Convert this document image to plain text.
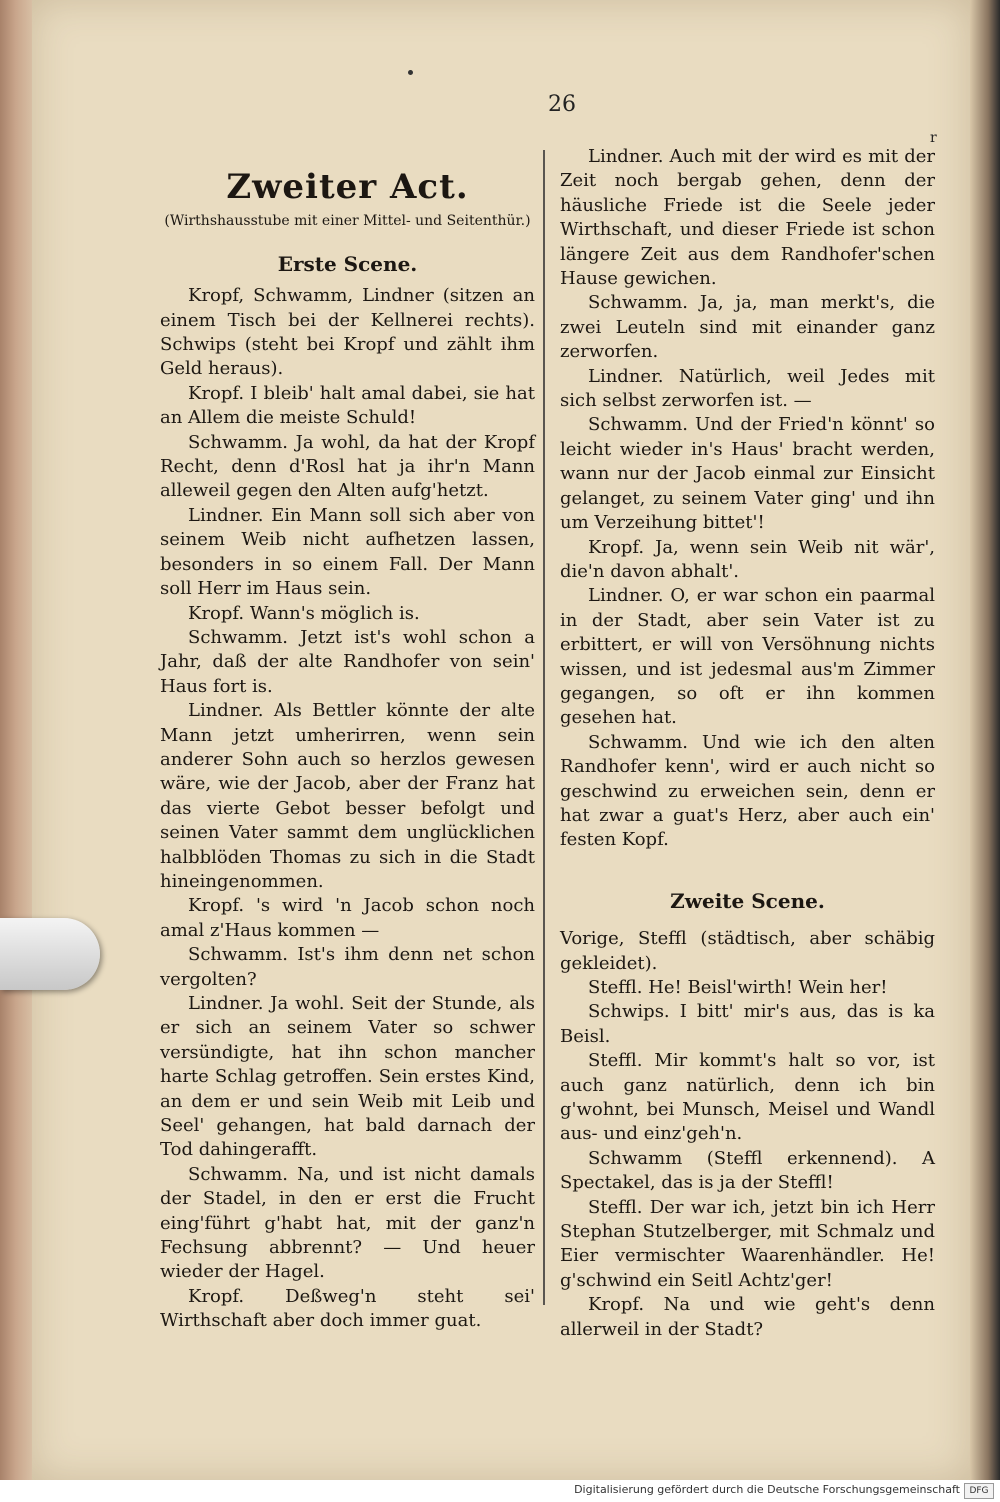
26
r
Zweiter Act.
(Wirthshausstube mit einer Mittel- und Seitenthür.)
Erste Scene.

Kropf, Schwamm, Lindner (sitzen an einem Tisch bei der Kellnerei rechts). Schwips (steht bei Kropf und zählt ihm Geld heraus).

Kropf. I bleib' halt amal dabei, sie hat an Allem die meiste Schuld!

Schwamm. Ja wohl, da hat der Kropf Recht, denn d'Rosl hat ja ihr'n Mann alleweil gegen den Alten aufg'hetzt.

Lindner. Ein Mann soll sich aber von seinem Weib nicht aufhetzen lassen, besonders in so einem Fall. Der Mann soll Herr im Haus sein.

Kropf. Wann's möglich is.

Schwamm. Jetzt ist's wohl schon a Jahr, daß der alte Randhofer von sein' Haus fort is.

Lindner. Als Bettler könnte der alte Mann jetzt umherirren, wenn sein anderer Sohn auch so herzlos gewesen wäre, wie der Jacob, aber der Franz hat das vierte Gebot besser befolgt und seinen Vater sammt dem unglücklichen halbblöden Thomas zu sich in die Stadt hineingenommen.

Kropf. 's wird 'n Jacob schon noch amal z'Haus kommen —

Schwamm. Ist's ihm denn net schon vergolten?

Lindner. Ja wohl. Seit der Stunde, als er sich an seinem Vater so schwer versündigte, hat ihn schon mancher harte Schlag getroffen. Sein erstes Kind, an dem er und sein Weib mit Leib und Seel' gehangen, hat bald darnach der Tod dahingerafft.

Schwamm. Na, und ist nicht damals der Stadel, in den er erst die Frucht eing'führt g'habt hat, mit der ganz'n Fechsung abbrennt? — Und heuer wieder der Hagel.

Kropf. Deßweg'n steht sei' Wirthschaft aber doch immer guat.

Lindner. Auch mit der wird es mit der Zeit noch bergab gehen, denn der häusliche Friede ist die Seele jeder Wirthschaft, und dieser Friede ist schon längere Zeit aus dem Randhofer'schen Hause gewichen.

Schwamm. Ja, ja, man merkt's, die zwei Leuteln sind mit einander ganz zerworfen.

Lindner. Natürlich, weil Jedes mit sich selbst zerworfen ist. —

Schwamm. Und der Fried'n könnt' so leicht wieder in's Haus' bracht werden, wann nur der Jacob einmal zur Einsicht gelanget, zu seinem Vater ging' und ihn um Verzeihung bittet'!

Kropf. Ja, wenn sein Weib nit wär', die'n davon abhalt'.

Lindner. O, er war schon ein paarmal in der Stadt, aber sein Vater ist zu erbittert, er will von Versöhnung nichts wissen, und ist jedesmal aus'm Zimmer gegangen, so oft er ihn kommen gesehen hat.

Schwamm. Und wie ich den alten Randhofer kenn', wird er auch nicht so geschwind zu erweichen sein, denn er hat zwar a guat's Herz, aber auch ein' festen Kopf.

Zweite Scene.

Vorige, Steffl (städtisch, aber schäbig gekleidet).

Steffl. He! Beisl'wirth! Wein her!

Schwips. I bitt' mir's aus, das is ka Beisl.

Steffl. Mir kommt's halt so vor, ist auch ganz natürlich, denn ich bin g'wohnt, bei Munsch, Meisel und Wandl aus- und einz'geh'n.

Schwamm (Steffl erkennend). A Spectakel, das is ja der Steffl!

Steffl. Der war ich, jetzt bin ich Herr Stephan Stutzelberger, mit Schmalz und Eier vermischter Waarenhändler. He! g'schwind ein Seitl Achtz'ger!

Kropf. Na und wie geht's denn allerweil in der Stadt?

Digitalisierung gefördert durch die Deutsche Forschungsgemeinschaft	DFG
